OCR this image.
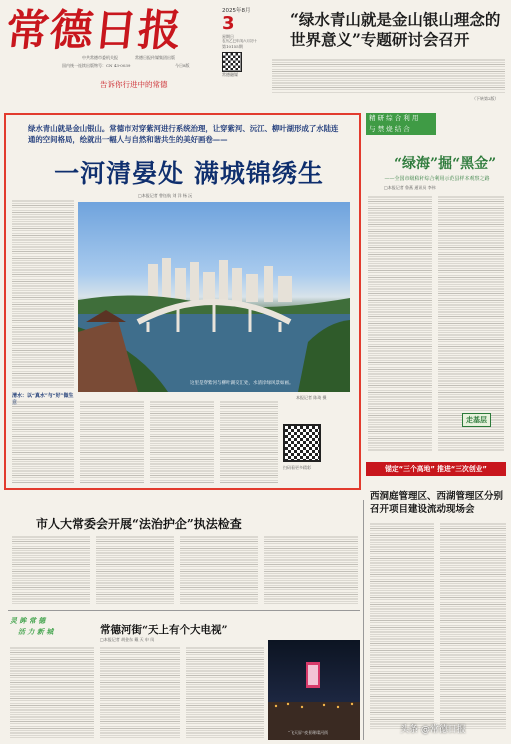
常德日报
告诉你行进中的常德
中共常德市委机关报	常德日报传媒集团出版
国内统一连续出版物号：CN 43-0039	今日8版
2025年8月
3
星期日
农历乙巳年闰六月初十
第10155期
常德融媒
“绿水青山就是金山银山理念的世界意义”专题研讨会召开
（下转第2版）
绿水青山就是金山银山。常德市对穿紫河进行系统治理，让穿紫河、沅江、柳叶湖形成了水陆连通的空间格局，绘就出一幅人与自然和谐共生的美好画卷——
一河清晏处 满城锦绣生
□本报记者 曾钰航 刘 洋 杨 沅
这里是穿紫河与柳叶湖交汇处，水清岸绿风景如画。
本报记者 陈琦 摄
清水：以“真水”与“好”做生
扫码看更多精彩
精 研 综 合 利 用
与 禁 烧 结 合
“绿海”掘“黑金”
——全国市级秸秆综合利用示范县样本观察之路
□本报记者 鲁燕 通讯员 李伟
走基层
锚定“三个高地” 推进“三次创业”
西洞庭管理区、西湖管理区分别召开项目建设流动现场会
市人大常委会开展“法治护企”执法检查
灵 眸 常 德
活 力 新 城	常德河街“天上有个大电视”
□本报记者 胡金东 戴 天 申 凤
“飞天屏”夜景璀璨河街	头条 @常德日报
